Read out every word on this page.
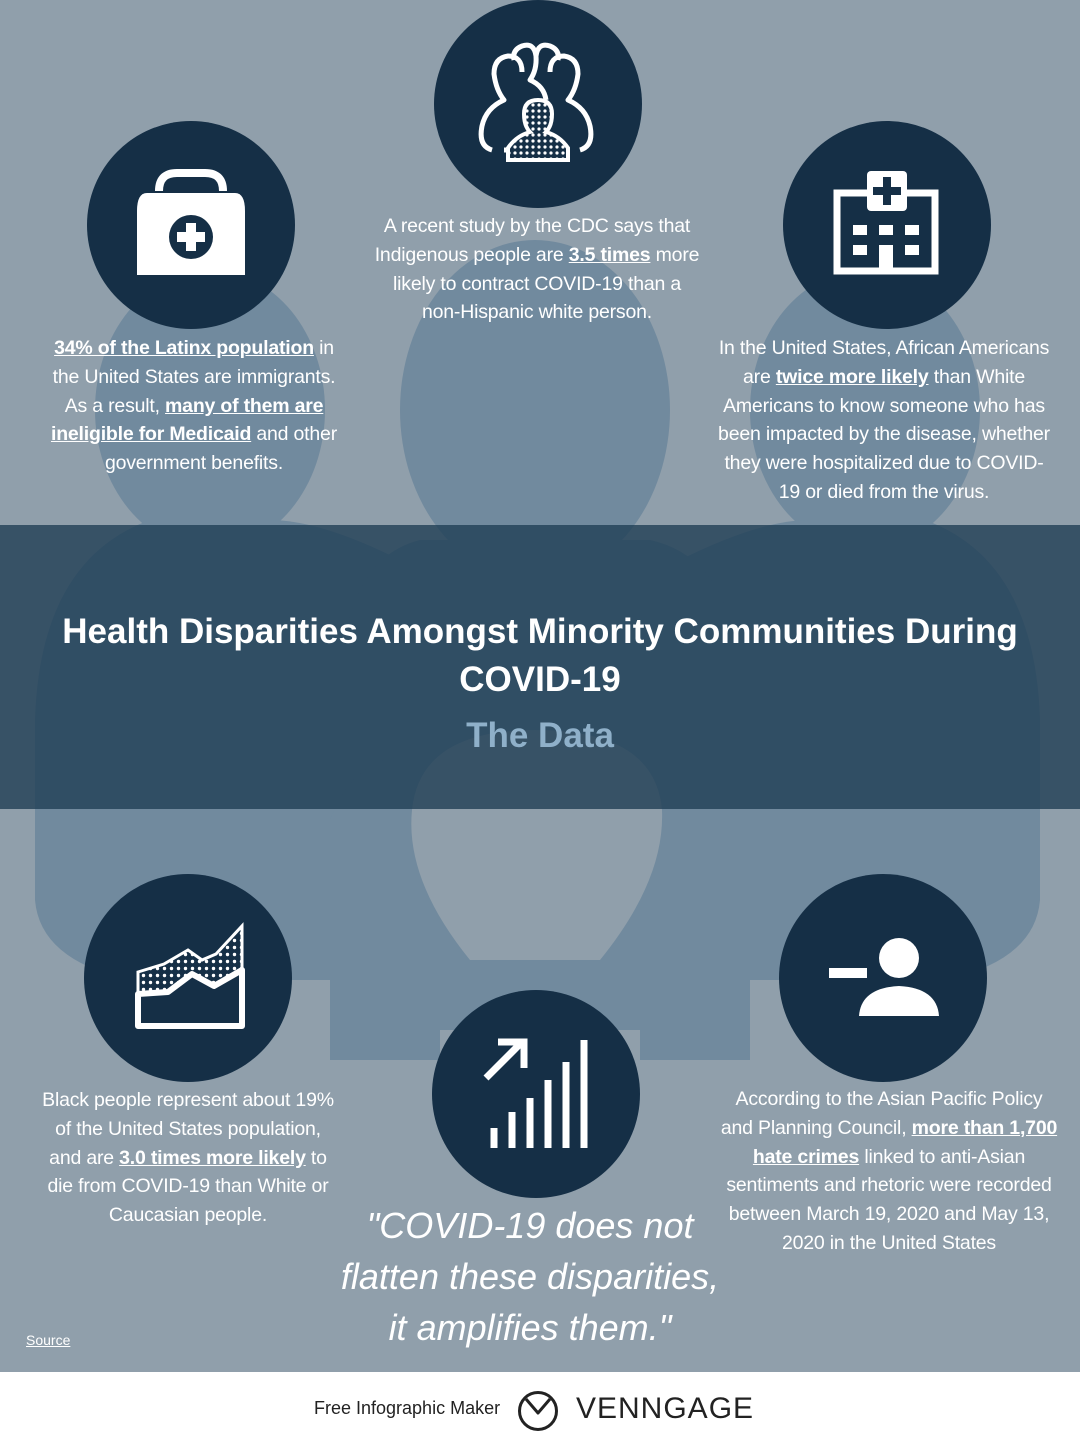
Health Disparities Amongst Minority Communities During COVID-19
The Data

A recent study by the CDC says that Indigenous people are 3.5 times more likely to contract COVID-19 than a non-Hispanic white person.

34% of the Latinx population in the United States are immigrants. As a result, many of them are ineligible for Medicaid and other government benefits.

In the United States, African Americans are twice more likely than White Americans to know someone who has been impacted by the disease, whether they were hospitalized due to COVID-19 or died from the virus.

Black people represent about 19% of the United States population, and are 3.0 times more likely to die from COVID-19 than White or Caucasian people.

According to the Asian Pacific Policy and Planning Council, more than 1,700 hate crimes linked to anti-Asian sentiments and rhetoric were recorded between March 19, 2020 and May 13, 2020 in the United States

"COVID-19 does not flatten these disparities, it amplifies them."

Source
Free Infographic Maker	VENNGAGE
